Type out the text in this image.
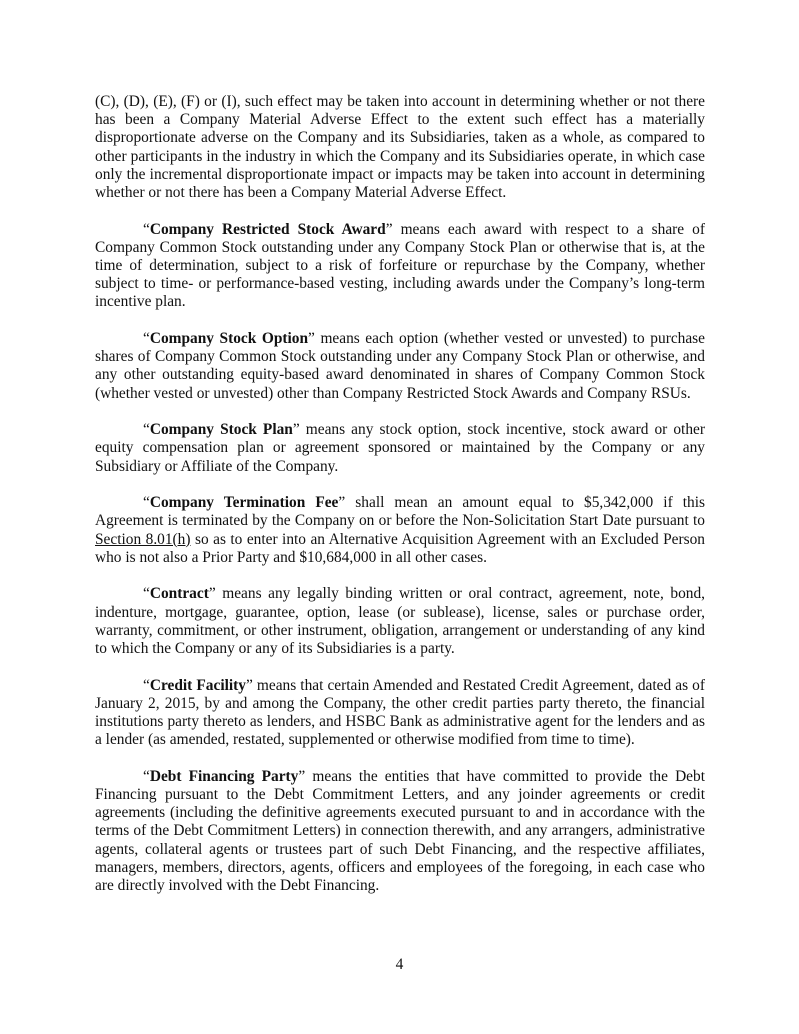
(C), (D), (E), (F) or (I), such effect may be taken into account in determining whether or not there has been a Company Material Adverse Effect to the extent such effect has a materially disproportionate adverse on the Company and its Subsidiaries, taken as a whole, as compared to other participants in the industry in which the Company and its Subsidiaries operate, in which case only the incremental disproportionate impact or impacts may be taken into account in determining whether or not there has been a Company Material Adverse Effect.

“Company Restricted Stock Award” means each award with respect to a share of Company Common Stock outstanding under any Company Stock Plan or otherwise that is, at the time of determination, subject to a risk of forfeiture or repurchase by the Company, whether subject to time- or performance-based vesting, including awards under the Company’s long-term incentive plan.

“Company Stock Option” means each option (whether vested or unvested) to purchase shares of Company Common Stock outstanding under any Company Stock Plan or otherwise, and any other outstanding equity-based award denominated in shares of Company Common Stock (whether vested or unvested) other than Company Restricted Stock Awards and Company RSUs.

“Company Stock Plan” means any stock option, stock incentive, stock award or other equity compensation plan or agreement sponsored or maintained by the Company or any Subsidiary or Affiliate of the Company.

“Company Termination Fee” shall mean an amount equal to $5,342,000 if this Agreement is terminated by the Company on or before the Non-Solicitation Start Date pursuant to Section 8.01(h) so as to enter into an Alternative Acquisition Agreement with an Excluded Person who is not also a Prior Party and $10,684,000 in all other cases.

“Contract” means any legally binding written or oral contract, agreement, note, bond, indenture, mortgage, guarantee, option, lease (or sublease), license, sales or purchase order, warranty, commitment, or other instrument, obligation, arrangement or understanding of any kind to which the Company or any of its Subsidiaries is a party.

“Credit Facility” means that certain Amended and Restated Credit Agreement, dated as of January 2, 2015, by and among the Company, the other credit parties party thereto, the financial institutions party thereto as lenders, and HSBC Bank as administrative agent for the lenders and as a lender (as amended, restated, supplemented or otherwise modified from time to time).

“Debt Financing Party” means the entities that have committed to provide the Debt Financing pursuant to the Debt Commitment Letters, and any joinder agreements or credit agreements (including the definitive agreements executed pursuant to and in accordance with the terms of the Debt Commitment Letters) in connection therewith, and any arrangers, administrative agents, collateral agents or trustees part of such Debt Financing, and the respective affiliates, managers, members, directors, agents, officers and employees of the foregoing, in each case who are directly involved with the Debt Financing.

4
